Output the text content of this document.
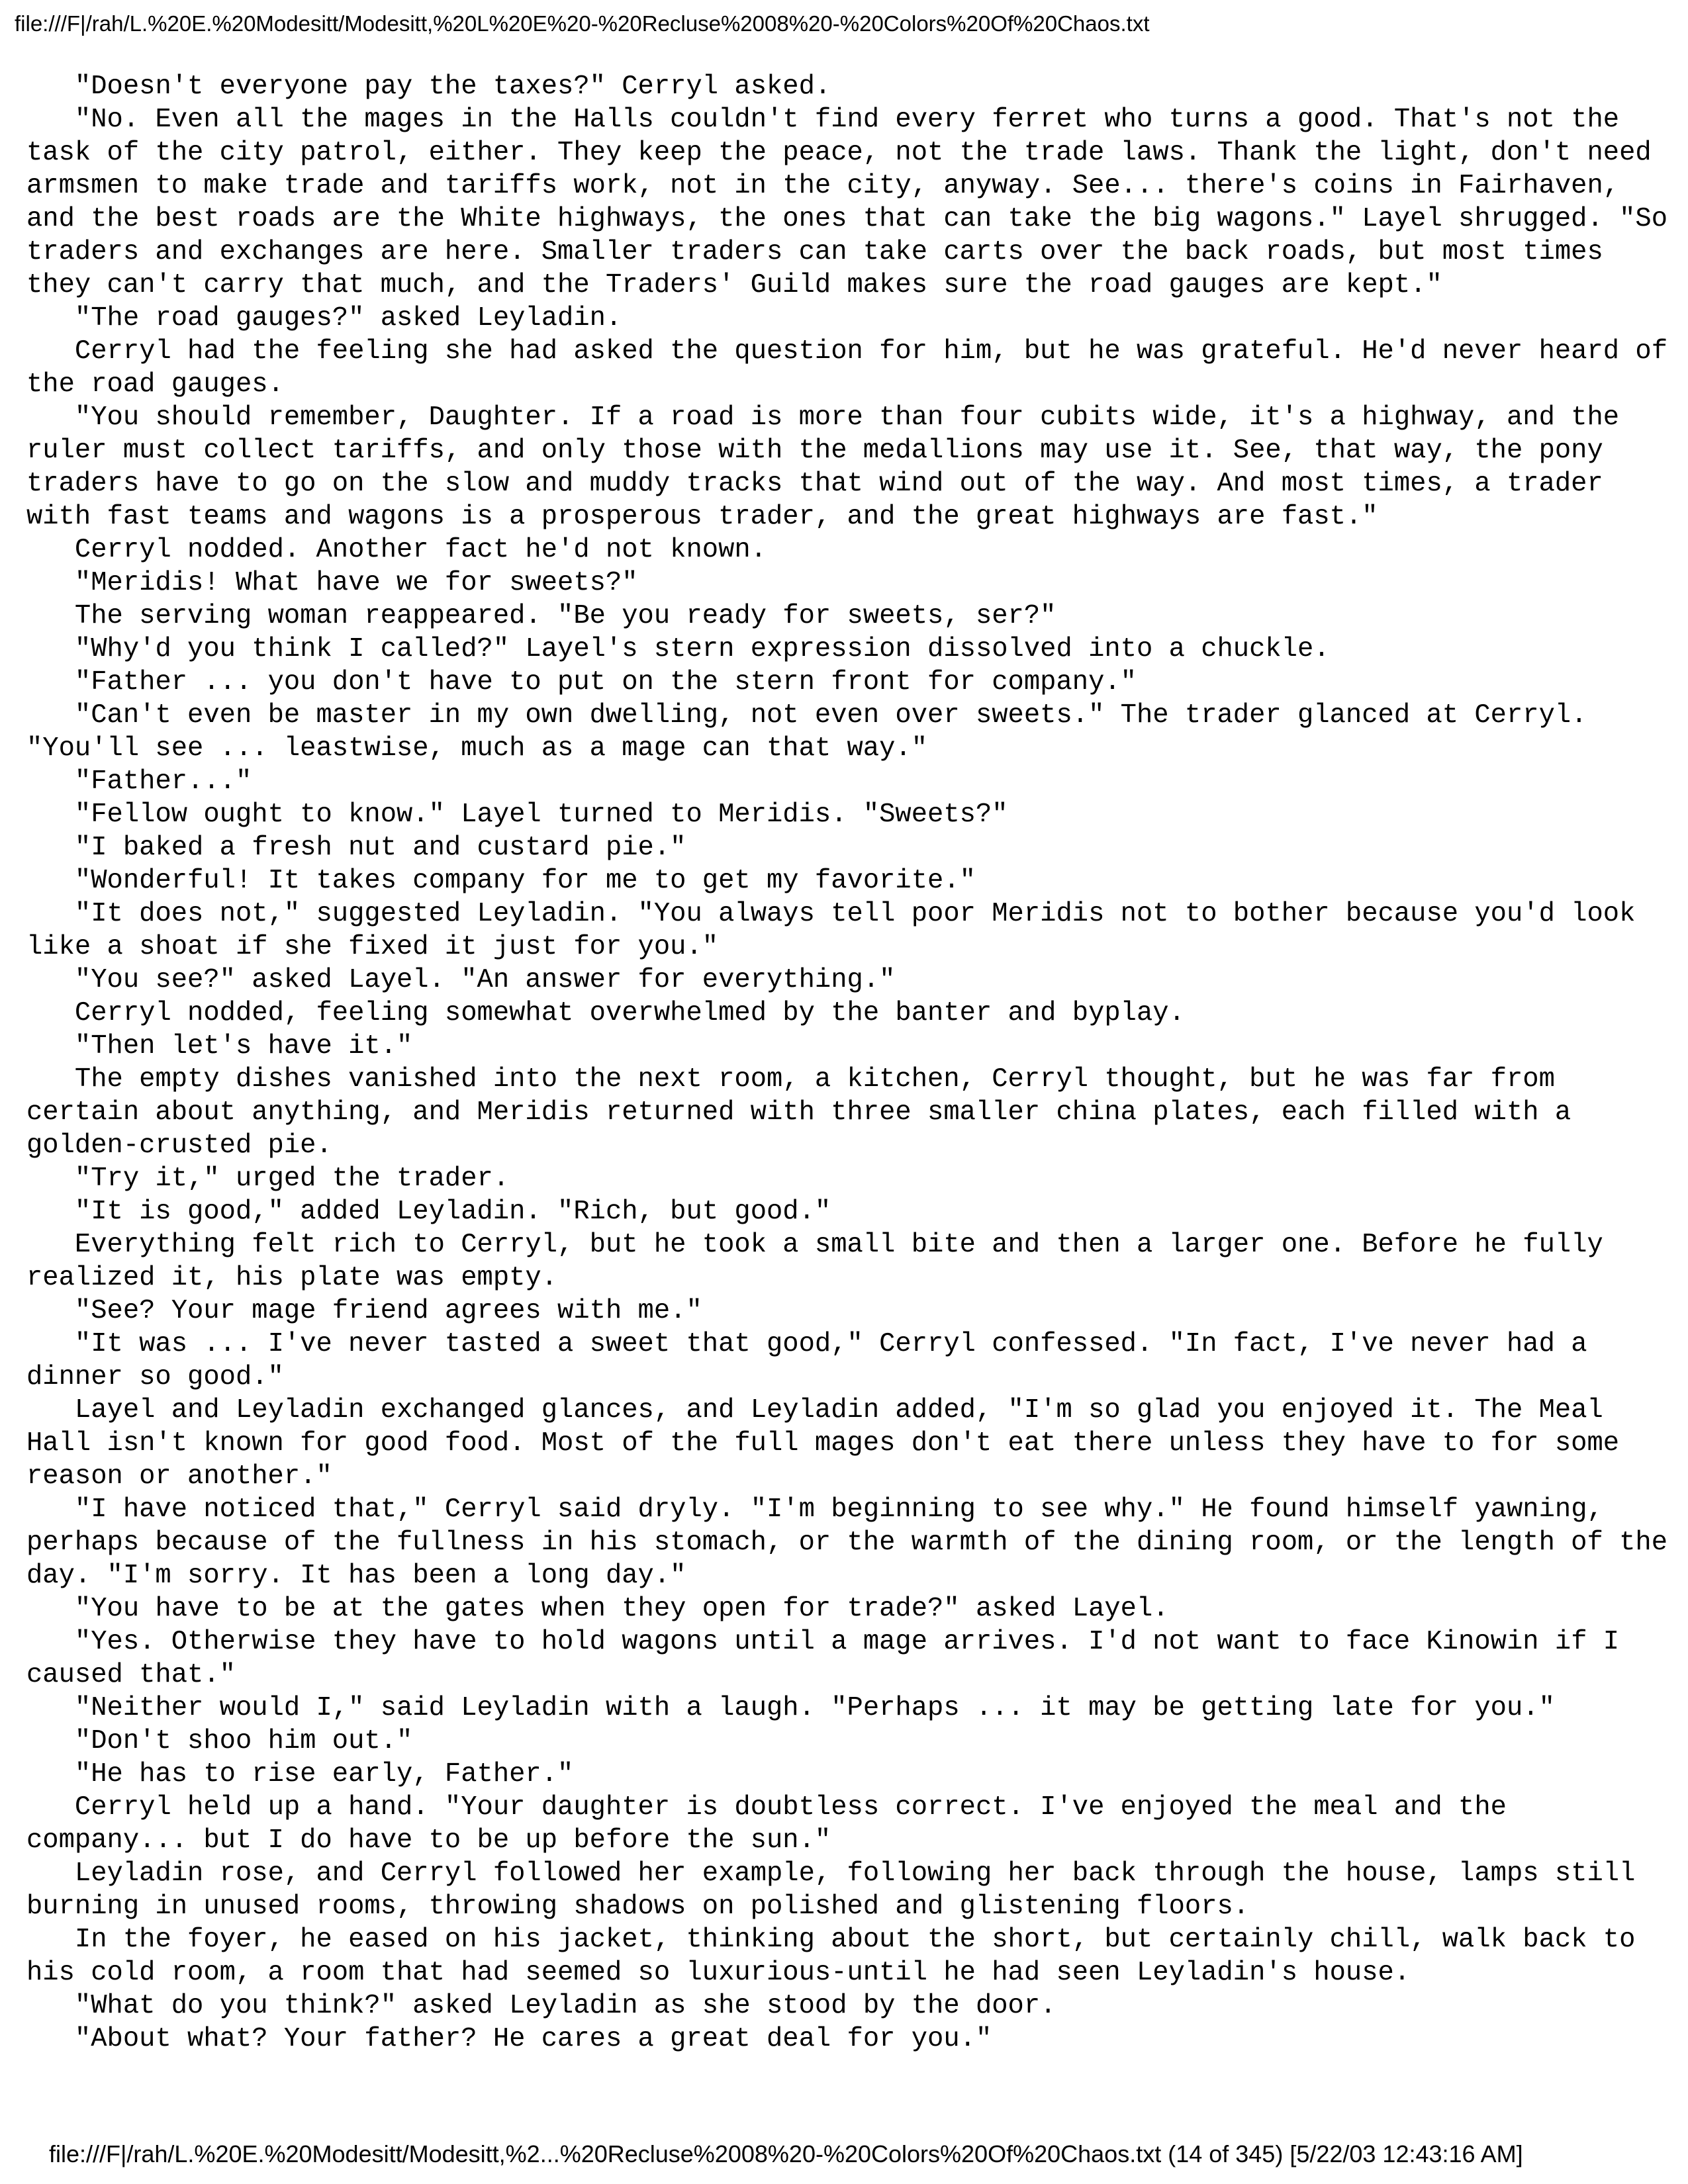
file:///F|/rah/L.%20E.%20Modesitt/Modesitt,%20L%20E%20-%20Recluse%2008%20-%20Colors%20Of%20Chaos.txt

"Doesn't everyone pay the taxes?" Cerryl asked.

"No. Even all the mages in the Halls couldn't find every ferret who turns a good. That's not the task of the city patrol, either. They keep the peace, not the trade laws. Thank the light, don't need armsmen to make trade and tariffs work, not in the city, anyway. See... there's coins in Fairhaven, and the best roads are the White highways, the ones that can take the big wagons." Layel shrugged. "So traders and exchanges are here. Smaller traders can take carts over the back roads, but most times they can't carry that much, and the Traders' Guild makes sure the road gauges are kept."

"The road gauges?" asked Leyladin.

Cerryl had the feeling she had asked the question for him, but he was grateful. He'd never heard of the road gauges.

"You should remember, Daughter. If a road is more than four cubits wide, it's a highway, and the ruler must collect tariffs, and only those with the medallions may use it. See, that way, the pony traders have to go on the slow and muddy tracks that wind out of the way. And most times, a trader with fast teams and wagons is a prosperous trader, and the great highways are fast."

Cerryl nodded. Another fact he'd not known.

"Meridis! What have we for sweets?"

The serving woman reappeared. "Be you ready for sweets, ser?"

"Why'd you think I called?" Layel's stern expression dissolved into a chuckle.

"Father ... you don't have to put on the stern front for company."

"Can't even be master in my own dwelling, not even over sweets." The trader glanced at Cerryl. "You'll see ... leastwise, much as a mage can that way."

"Father..."

"Fellow ought to know." Layel turned to Meridis. "Sweets?"

"I baked a fresh nut and custard pie."

"Wonderful! It takes company for me to get my favorite."

"It does not," suggested Leyladin. "You always tell poor Meridis not to bother because you'd look like a shoat if she fixed it just for you."

"You see?" asked Layel. "An answer for everything."

Cerryl nodded, feeling somewhat overwhelmed by the banter and byplay.

"Then let's have it."

The empty dishes vanished into the next room, a kitchen, Cerryl thought, but he was far from certain about anything, and Meridis returned with three smaller china plates, each filled with a golden-crusted pie.

"Try it," urged the trader.

"It is good," added Leyladin. "Rich, but good."

Everything felt rich to Cerryl, but he took a small bite and then a larger one. Before he fully realized it, his plate was empty.

"See? Your mage friend agrees with me."

"It was ... I've never tasted a sweet that good," Cerryl confessed. "In fact, I've never had a dinner so good."

Layel and Leyladin exchanged glances, and Leyladin added, "I'm so glad you enjoyed it. The Meal Hall isn't known for good food. Most of the full mages don't eat there unless they have to for some reason or another."

"I have noticed that," Cerryl said dryly. "I'm beginning to see why." He found himself yawning, perhaps because of the fullness in his stomach, or the warmth of the dining room, or the length of the day. "I'm sorry. It has been a long day."

"You have to be at the gates when they open for trade?" asked Layel.

"Yes. Otherwise they have to hold wagons until a mage arrives. I'd not want to face Kinowin if I caused that."

"Neither would I," said Leyladin with a laugh. "Perhaps ... it may be getting late for you."

"Don't shoo him out."

"He has to rise early, Father."

Cerryl held up a hand. "Your daughter is doubtless correct. I've enjoyed the meal and the company... but I do have to be up before the sun."

Leyladin rose, and Cerryl followed her example, following her back through the house, lamps still burning in unused rooms, throwing shadows on polished and glistening floors.

In the foyer, he eased on his jacket, thinking about the short, but certainly chill, walk back to his cold room, a room that had seemed so luxurious-until he had seen Leyladin's house.

"What do you think?" asked Leyladin as she stood by the door.

"About what? Your father? He cares a great deal for you."

file:///F|/rah/L.%20E.%20Modesitt/Modesitt,%2...%20Recluse%2008%20-%20Colors%20Of%20Chaos.txt (14 of 345) [5/22/03 12:43:16 AM]
